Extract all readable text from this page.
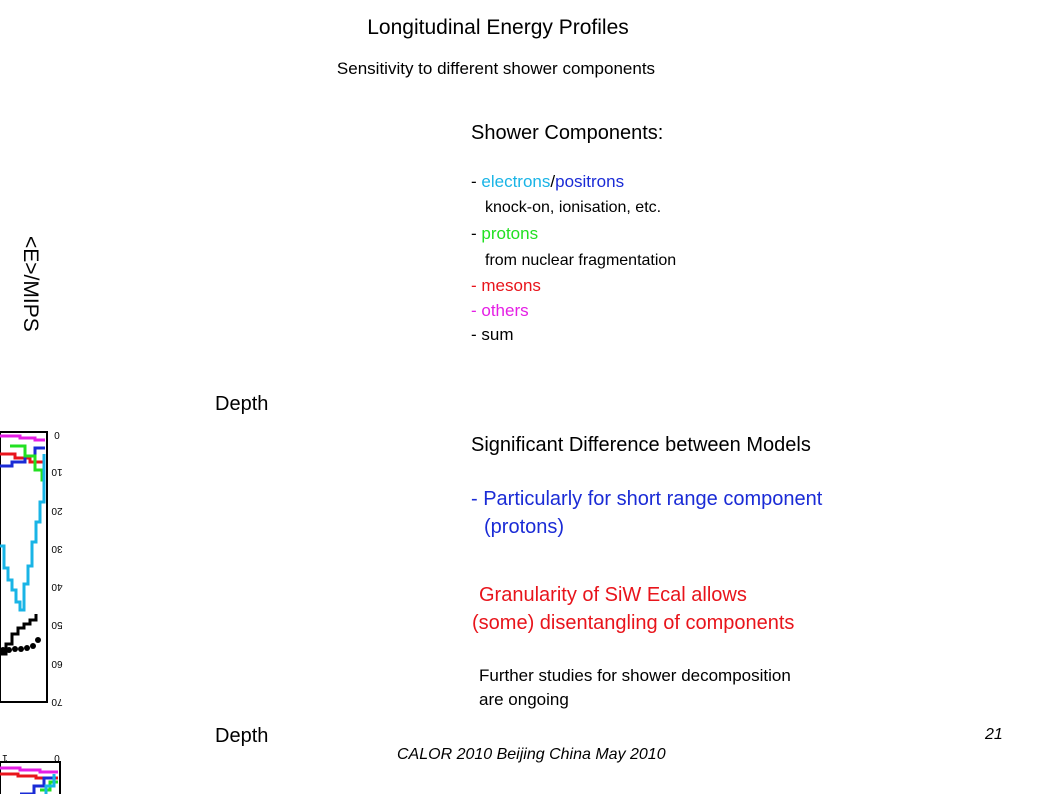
Longitudinal Energy Profiles
Sensitivity to different shower components
Shower Components:
- electrons/positrons
knock-on, ionisation, etc.
- protons
from nuclear fragmentation
- mesons
- others
- sum
<E>/MIPS
Depth
0
10
20
30
40
50
60
70
Significant Difference between Models
- Particularly for short range component
(protons)
Granularity of SiW Ecal allows
(some) disentangling of components
Further studies for shower decomposition
are ongoing
Depth
1	0
21
CALOR 2010 Beijing China May 2010
